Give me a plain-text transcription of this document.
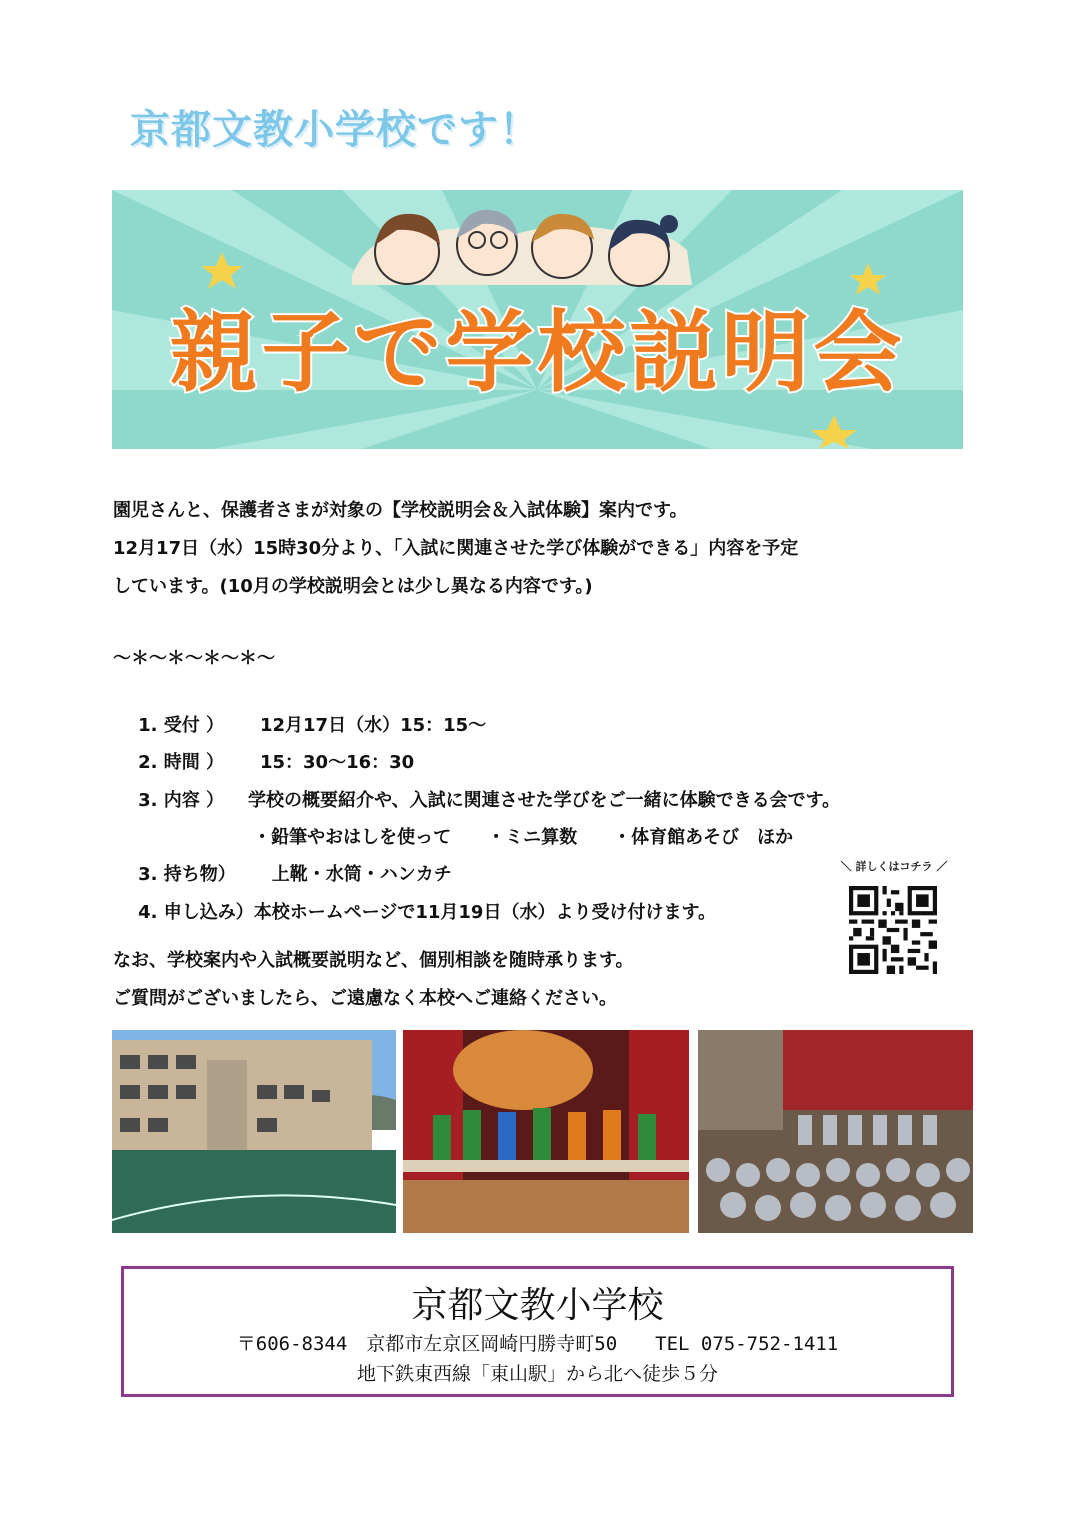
京都文教小学校です！
親子で学校説明会

園児さんと、保護者さまが対象の【学校説明会＆入試体験】案内です。

12月17日（水）15時30分より、「入試に関連させた学び体験ができる」内容を予定

しています。(10月の学校説明会とは少し異なる内容です。)

～＊～＊～＊～＊～

1. 受付 ） 12月17日（水）15：15～

2. 時間 ） 15：30～16：30

3. 内容 ） 学校の概要紹介や、入試に関連させた学びをご一緒に体験できる会です。

・鉛筆やおはしを使って　　・ミニ算数　　・体育館あそび　ほか

3. 持ち物） 上靴・水筒・ハンカチ

4. 申し込み）本校ホームページで11月19日（水）より受け付けます。

＼ 詳しくはコチラ ／

なお、学校案内や入試概要説明など、個別相談を随時承ります。

ご質問がございましたら、ご遠慮なく本校へご連絡ください。

京都文教小学校
〒606-8344　京都市左京区岡崎円勝寺町50　　TEL 075-752-1411
地下鉄東西線「東山駅」から北へ徒歩５分
